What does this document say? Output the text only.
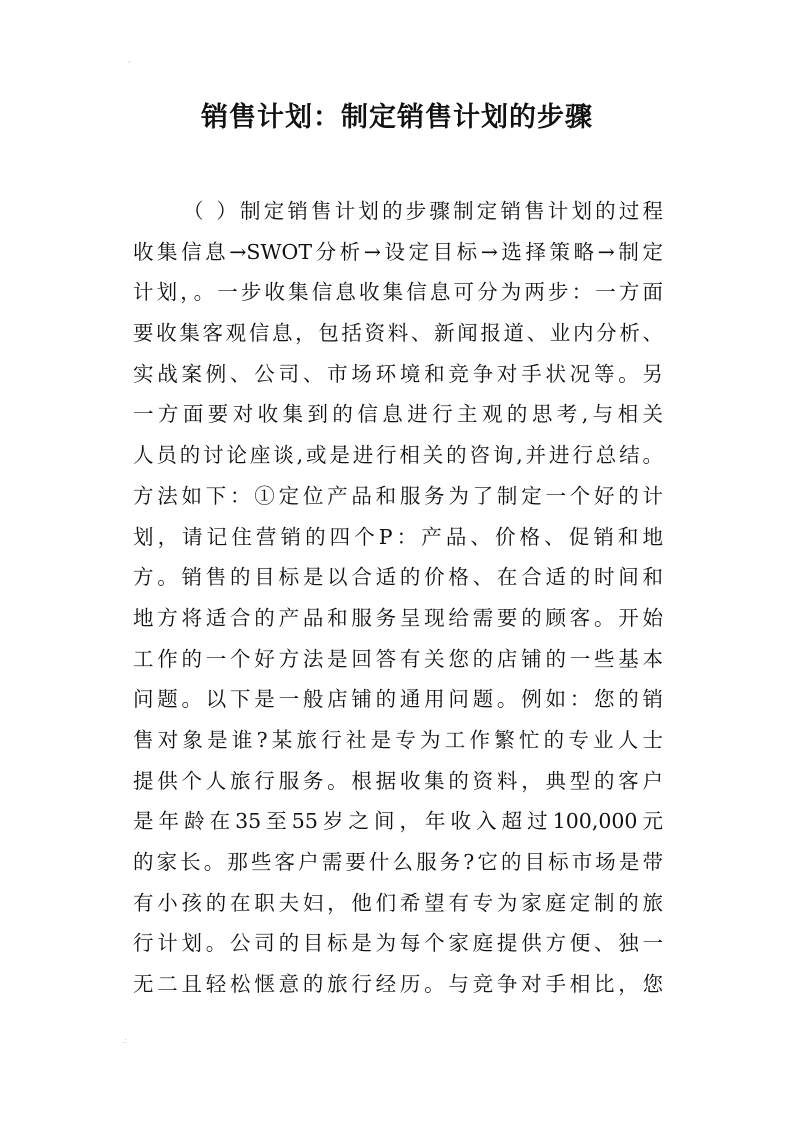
'
.:
销售计划：制定销售计划的步骤
（ ）制定销售计划的步骤制定销售计划的过程
收集信息→SWOT分析→设定目标→选择策略→制定
计划，。一步收集信息收集信息可分为两步：一方面
要收集客观信息，包括资料、新闻报道、业内分析、
实战案例、公司、市场环境和竞争对手状况等。另
一方面要对收集到的信息进行主观的思考,与相关
人员的讨论座谈,或是进行相关的咨询,并进行总结。
方法如下：①定位产品和服务为了制定一个好的计
划，请记住营销的四个P：产品、价格、促销和地
方。销售的目标是以合适的价格、在合适的时间和
地方将适合的产品和服务呈现给需要的顾客。开始
工作的一个好方法是回答有关您的店铺的一些基本
问题。以下是一般店铺的通用问题。例如：您的销
售对象是谁?某旅行社是专为工作繁忙的专业人士
提供个人旅行服务。根据收集的资料，典型的客户
是年龄在35至55岁之间，年收入超过100,000元
的家长。那些客户需要什么服务?它的目标市场是带
有小孩的在职夫妇，他们希望有专为家庭定制的旅
行计划。公司的目标是为每个家庭提供方便、独一
无二且轻松惬意的旅行经历。与竞争对手相比，您
